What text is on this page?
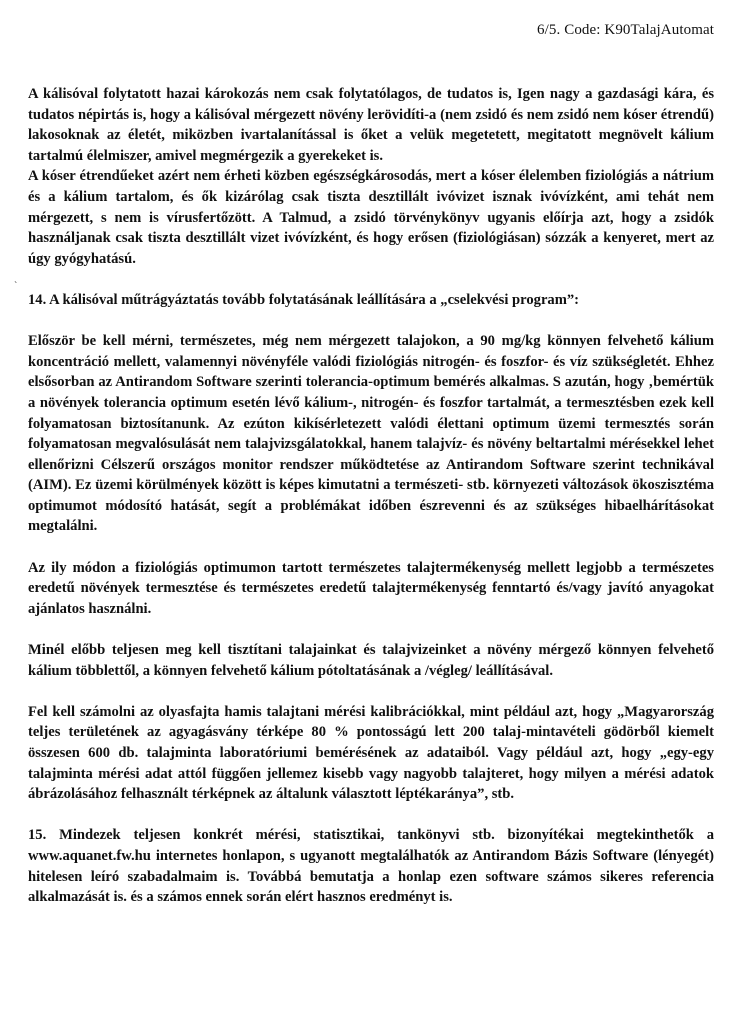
6/5. Code: K90TalajAutomat
`

A kálisóval folytatott hazai károkozás nem csak folytatólagos, de tudatos is, Igen nagy a gazdasági kára, és tudatos népirtás is, hogy a kálisóval mérgezett növény lerövidíti-a (nem zsidó és nem zsidó nem kóser étrendű) lakosoknak az életét, miközben ivartalanítással is őket a velük megetetett, megitatott megnövelt kálium tartalmú élelmiszer, amivel megmérgezik a gyerekeket is.

A kóser étrendűeket azért nem érheti közben egészségkárosodás, mert a kóser élelemben fiziológiás a nátrium és a kálium tartalom, és ők kizárólag csak tiszta desztillált ivóvizet isznak ivóvízként, ami tehát nem mérgezett, s nem is vírusfertőzött. A Talmud, a zsidó törvénykönyv ugyanis előírja azt, hogy a zsidók használjanak csak tiszta desztillált vizet ivóvízként, és hogy erősen (fiziológiásan) sózzák a kenyeret, mert az úgy gyógyhatású.

14. A kálisóval műtrágyáztatás tovább folytatásának leállítására a „cselekvési program”:

Először be kell mérni, természetes, még nem mérgezett talajokon, a 90 mg/kg könnyen felvehető kálium koncentráció mellett, valamennyi növényféle valódi fiziológiás nitrogén- és foszfor- és víz szükségletét. Ehhez elsősorban az Antirandom Software szerinti tolerancia-optimum bemérés alkalmas. S azután, hogy ‚bemértük a növények tolerancia optimum esetén lévő kálium-, nitrogén- és foszfor tartalmát, a termesztésben ezek kell folyamatosan biztosítanunk. Az ezúton kikísérletezett valódi élettani optimum üzemi termesztés során folyamatosan megvalósulását nem talajvizsgálatokkal, hanem talajvíz- és növény beltartalmi mérésekkel lehet ellenőrizni Célszerű országos monitor rendszer működtetése az Antirandom Software szerint technikával (AIM). Ez üzemi körülmények között is képes kimutatni a természeti- stb. környezeti változások ökoszisztéma optimumot módosító hatását, segít a problémákat időben észrevenni és az szükséges hibaelhárításokat megtalálni.

Az ily módon a fiziológiás optimumon tartott természetes talajtermékenység mellett legjobb a természetes eredetű növények termesztése és természetes eredetű talajtermékenység fenntartó és/vagy javító anyagokat ajánlatos használni.

Minél előbb teljesen meg kell tisztítani talajainkat és talajvizeinket a növény mérgező könnyen felvehető kálium többlettől, a könnyen felvehető kálium pótoltatásának a /végleg/ leállításával.

Fel kell számolni az olyasfajta hamis talajtani mérési kalibrációkkal, mint például azt, hogy „Magyarország teljes területének az agyagásvány térképe 80 % pontosságú lett 200 talaj-mintavételi gödörből kiemelt összesen 600 db. talajminta laboratóriumi bemérésének az adataiból. Vagy például azt, hogy „egy-egy talajminta mérési adat attól függően jellemez kisebb vagy nagyobb talajteret, hogy milyen a mérési adatok ábrázolásához felhasznált térképnek az általunk választott léptékaránya”, stb.

15. Mindezek teljesen konkrét mérési, statisztikai, tankönyvi stb. bizonyítékai megtekinthetők a www.aquanet.fw.hu internetes honlapon, s ugyanott megtalálhatók az Antirandom Bázis Software (lényegét) hitelesen leíró szabadalmaim is. Továbbá bemutatja a honlap ezen software számos sikeres referencia alkalmazását is. és a számos ennek során elért hasznos eredményt is.
